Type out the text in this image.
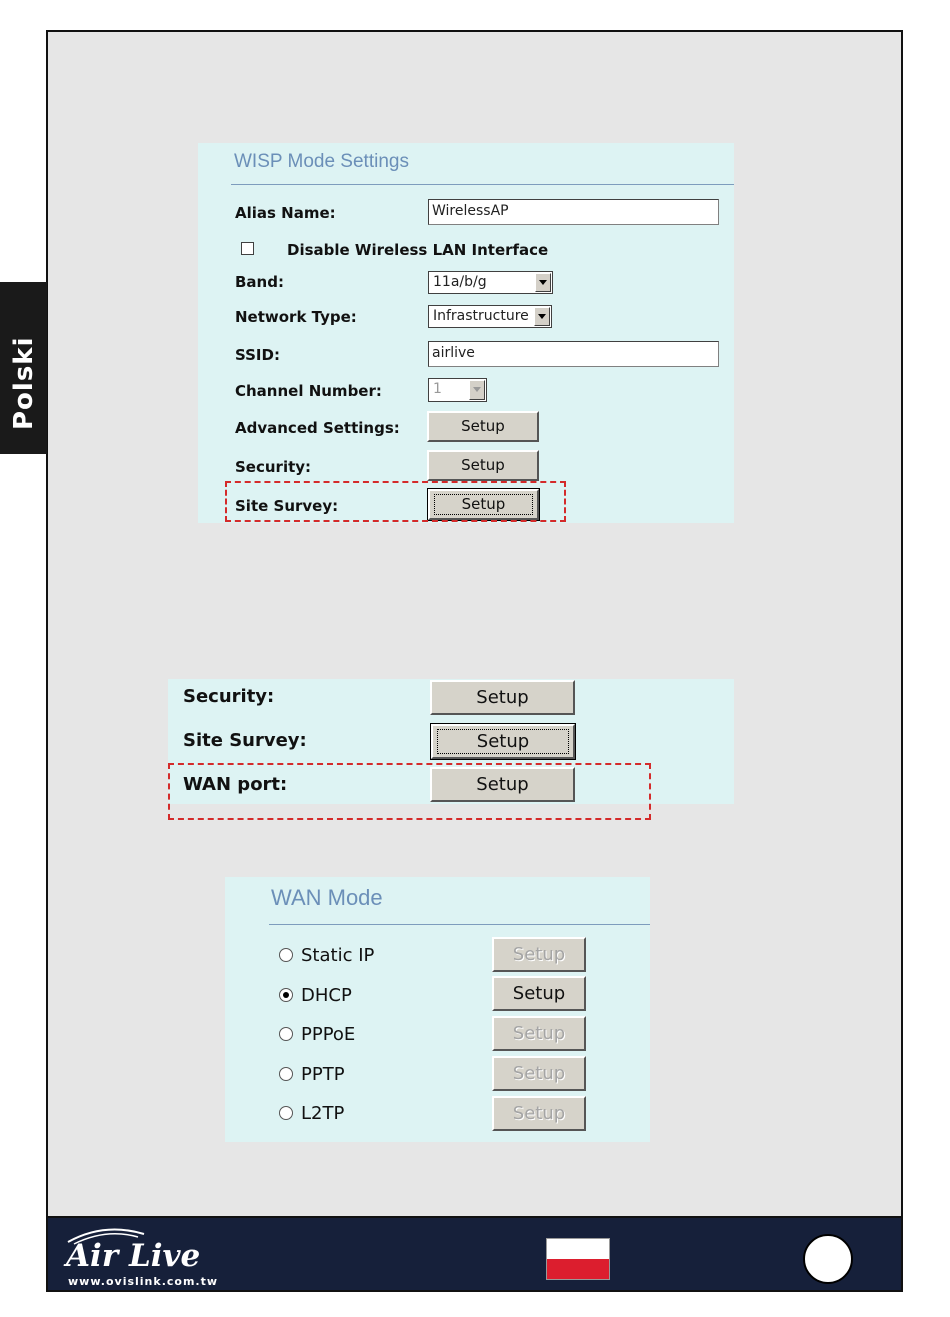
Polski
WISP Mode Settings
Alias Name:	WirelessAP
Disable Wireless LAN Interface
Band:	11a/b/g
Network Type:	Infrastructure
SSID:	airlive
Channel Number:	1
Advanced Settings:	Setup
Security:	Setup
Site Survey:	Setup
Security:	Setup
Site Survey:	Setup
WAN port:	Setup
WAN Mode
Static IP	Setup
DHCP	Setup
PPPoE	Setup
PPTP	Setup
L2TP	Setup
Air Live
www.ovislink.com.tw
